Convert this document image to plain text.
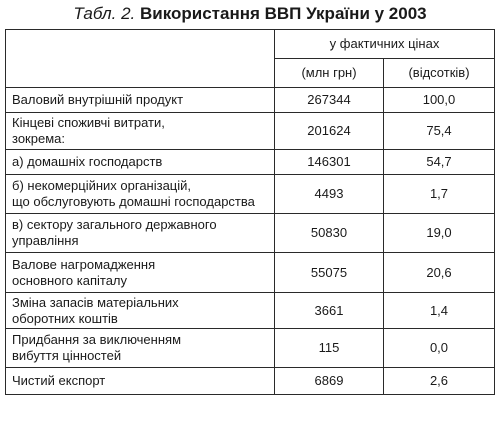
Табл. 2. Використання ВВП України у 2003
	у фактичних цінах	
	(млн грн)	(відсотків)
Валовий внутрішній продукт	267344	100,0
Кінцеві споживчі витрати,
зокрема:	201624	75,4
а) домашніх господарств	146301	54,7
б) некомерційних організацій,
що обслуговують домашні господарства	4493	1,7
в) сектору загального державного
управління	50830	19,0
Валове нагромадження
основного капіталу	55075	20,6
Зміна запасів матеріальних
оборотних коштів	3661	1,4
Придбання за виключенням
вибуття цінностей	115	0,0
Чистий експорт	6869	2,6
